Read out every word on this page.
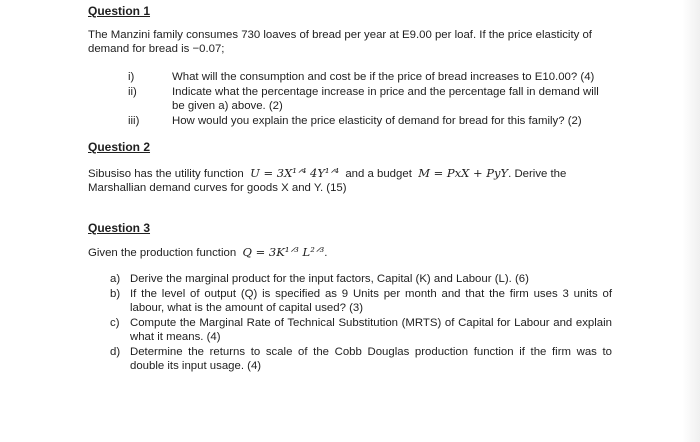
Question 1
The Manzini family consumes 730 loaves of bread per year at E9.00 per loaf. If the price elasticity of
demand for bread is −0.07;
i)	What will the consumption and cost be if the price of bread increases to E10.00? (4)
ii)	Indicate what the percentage increase in price and the percentage fall in demand will be given a) above. (2)
iii)	How would you explain the price elasticity of demand for bread for this family? (2)
Question 2
Sibusiso has the utility function U = 3X¹ᐟ⁴ 4Y¹ᐟ⁴ and a budget M = PxX + PyY. Derive the
Marshallian demand curves for goods X and Y. (15)
Question 3
Given the production function Q = 3K¹ᐟ³ L²ᐟ³.
a) Derive the marginal product for the input factors, Capital (K) and Labour (L). (6)
b) If the level of output (Q) is specified as 9 Units per month and that the firm uses 3 units of labour, what is the amount of capital used? (3)
c) Compute the Marginal Rate of Technical Substitution (MRTS) of Capital for Labour and explain what it means. (4)
d) Determine the returns to scale of the Cobb Douglas production function if the firm was to double its input usage. (4)
